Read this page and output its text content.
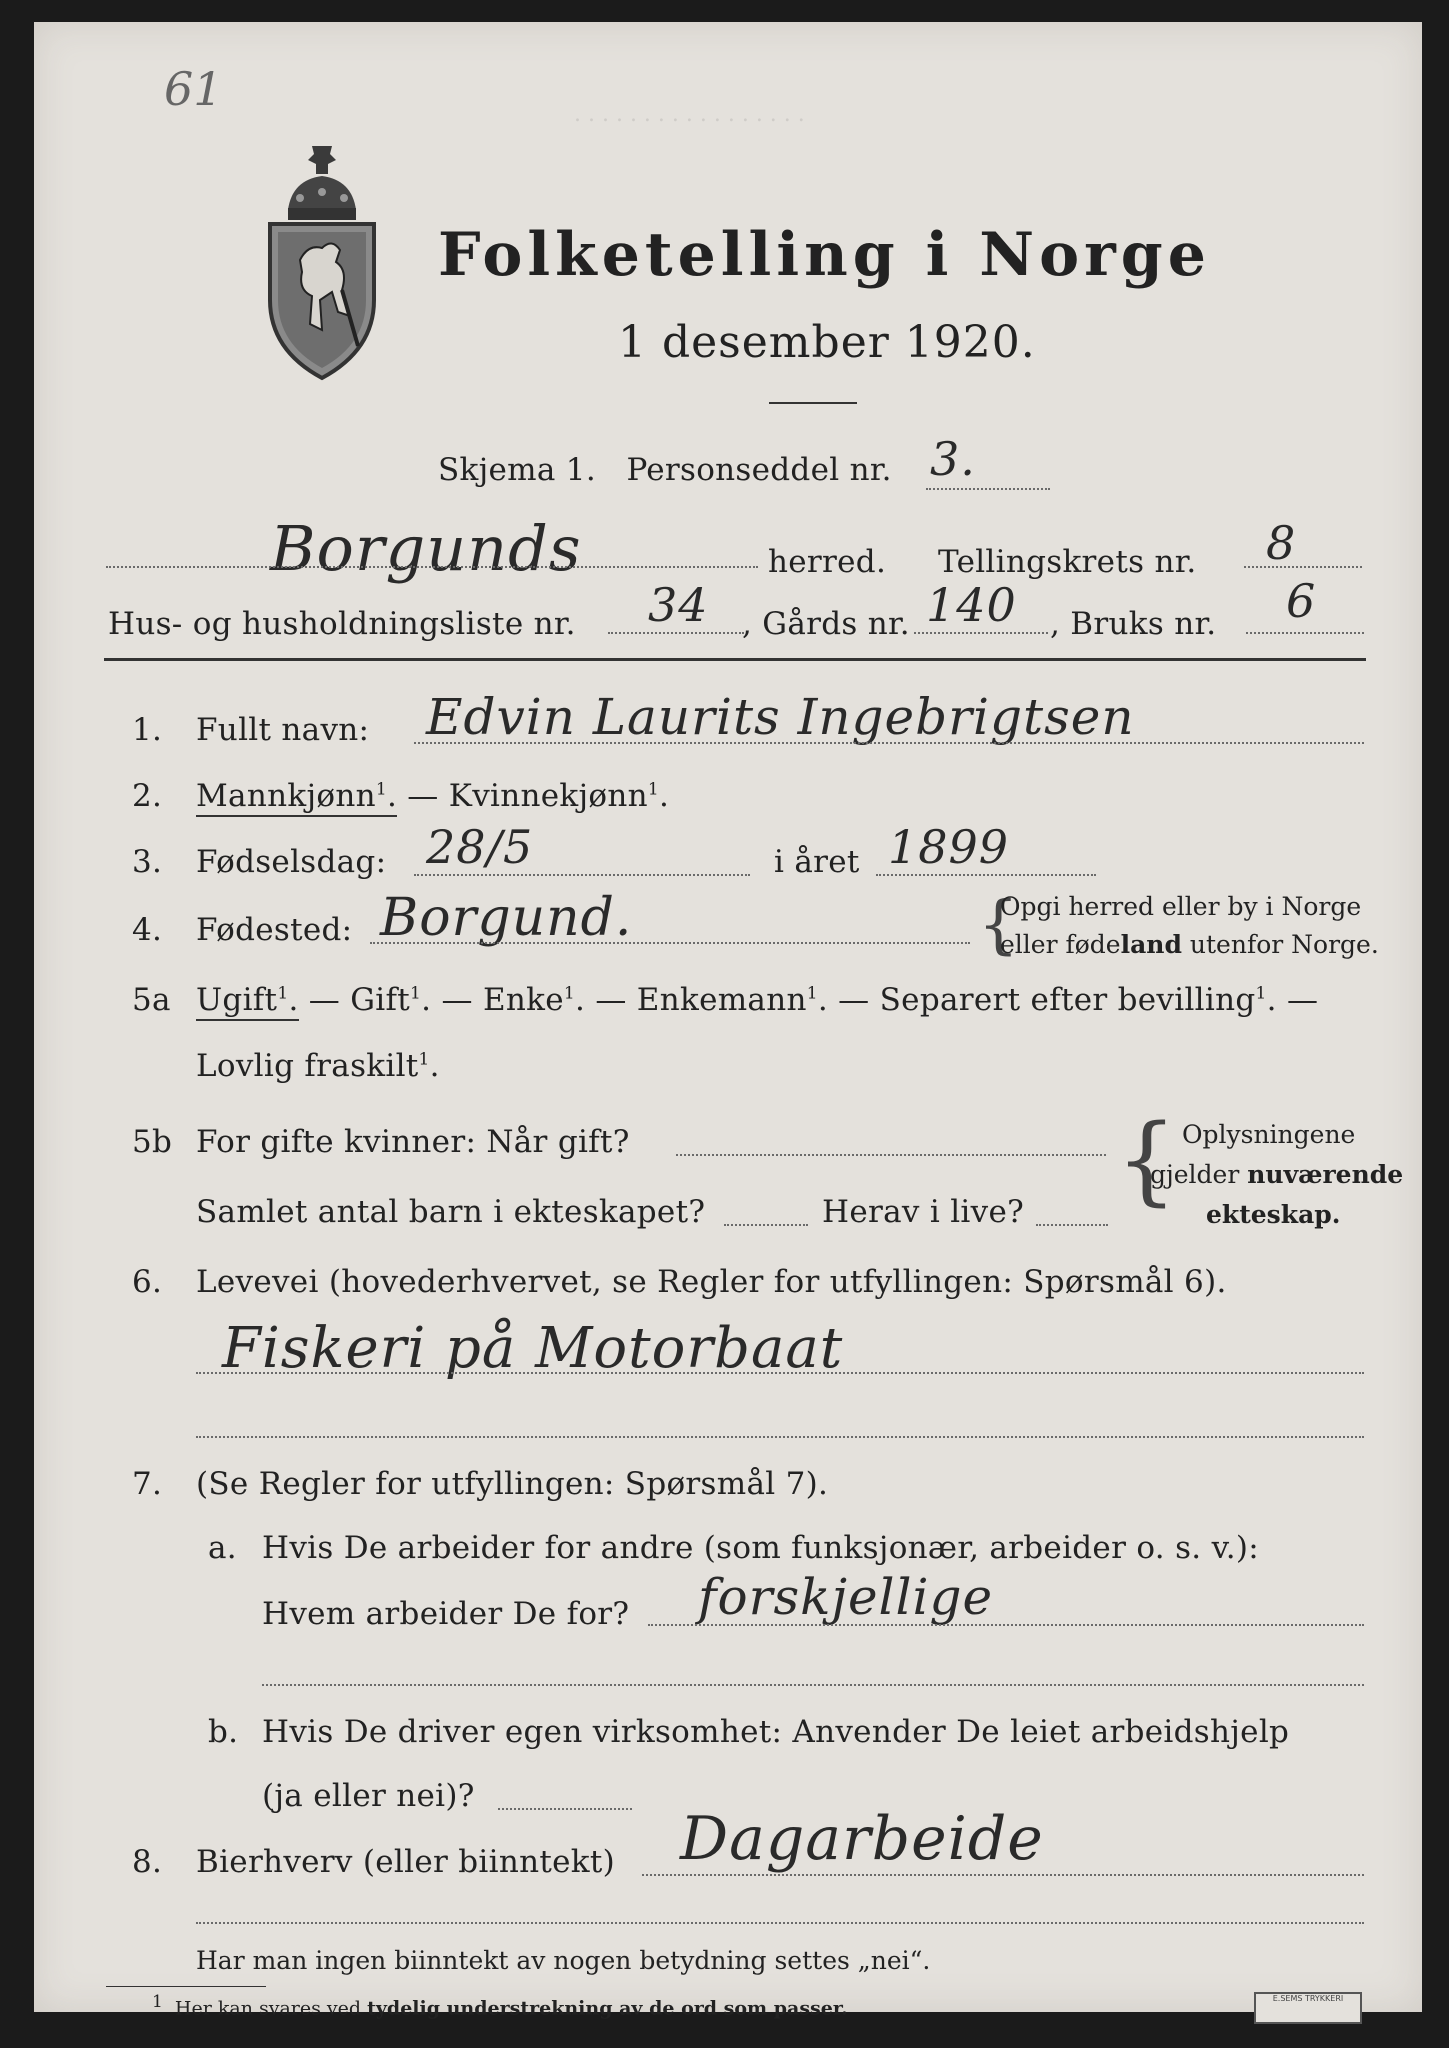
. . . . . . . . . . . . . . . . .
61
Folketelling i Norge
1 desember 1920.
Skjema 1. Personseddel nr. 3.
Borgunds	herred. Tellingskrets nr. 8
Hus- og husholdningsliste nr. 34 , Gårds nr. 140 , Bruks nr. 6
1. Fullt navn: Edvin Laurits Ingebrigtsen
2. Mannkjønn$^1$. — Kvinnekjønn$^1$.
3. Fødselsdag: 28/5	i året 1899
4. Fødested: Borgund.	{
Opgi herred eller by i Norge
eller fødeland utenfor Norge.
5a Ugift$^1$. — Gift$^1$. — Enke$^1$. — Enkemann$^1$. — Separert efter bevilling$^1$. —
Lovlig fraskilt$^1$.
5b For gifte kvinner: Når gift?
Samlet antal barn i ekteskapet?	Herav i live? { Oplysningene
gjelder nuværende
ekteskap.
6. Levevei (hovederhvervet, se Regler for utfyllingen: Spørsmål 6).
Fiskeri på Motorbaat
7. (Se Regler for utfyllingen: Spørsmål 7).
a. Hvis De arbeider for andre (som funksjonær, arbeider o. s. v.):
Hvem arbeider De for? forskjellige
b. Hvis De driver egen virksomhet: Anvender De leiet arbeidshjelp
(ja eller nei)?
8. Bierhverv (eller biinntekt) Dagarbeide
Har man ingen biinntekt av nogen betydning settes „nei“.
1 Her kan svares ved tydelig understrekning av de ord som passer.	E.SEMS TRYKKERI
